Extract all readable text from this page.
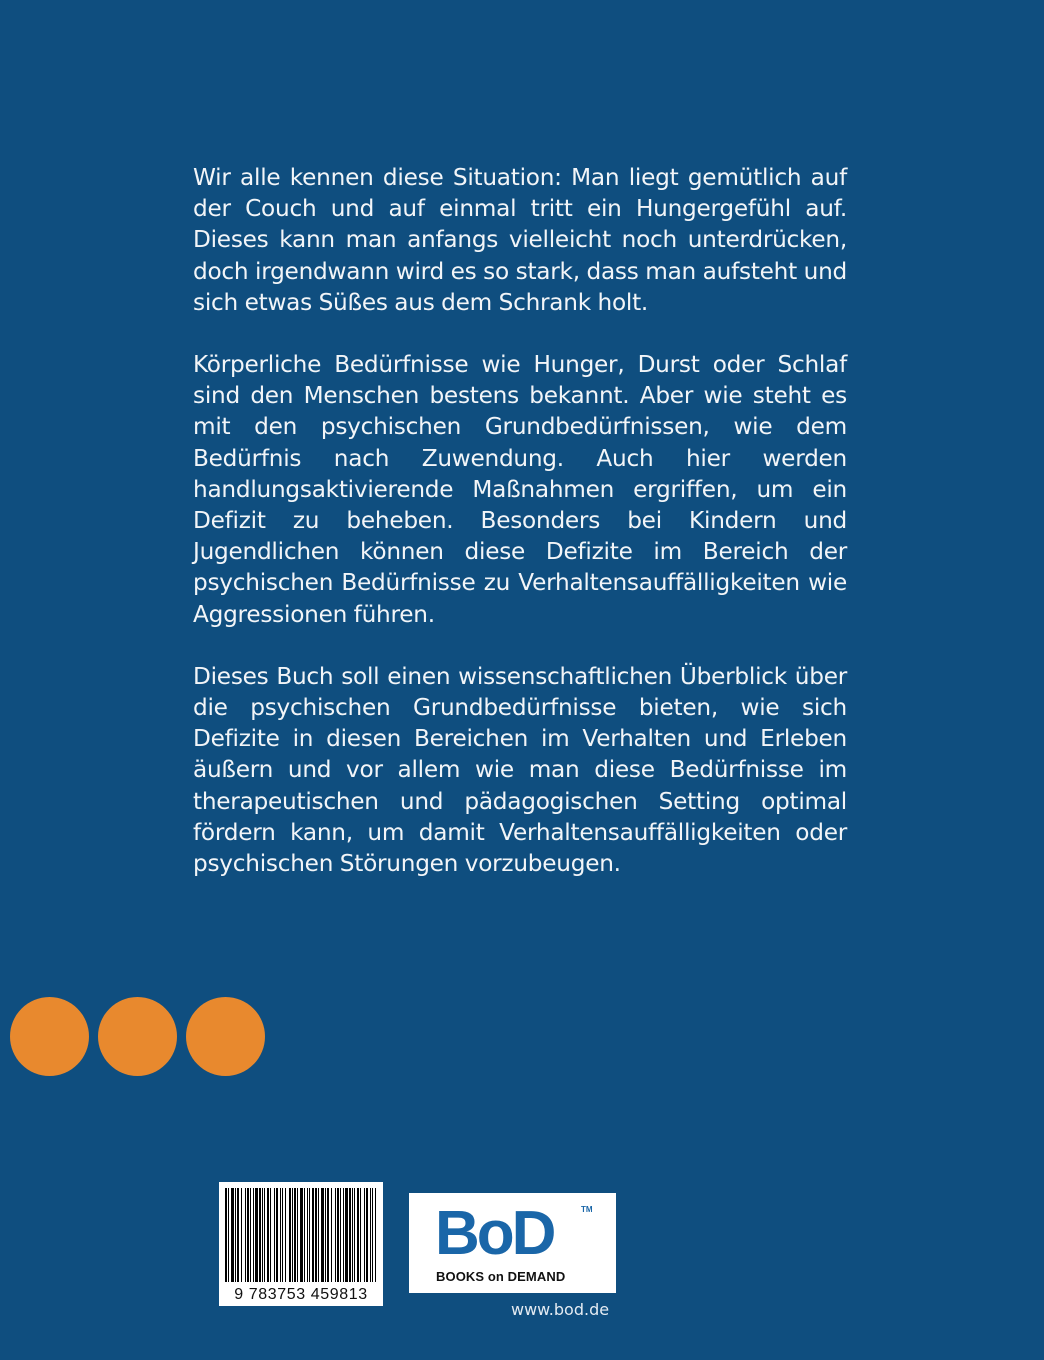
Wir alle kennen diese Situation: Man liegt gemütlich auf der Couch und auf einmal tritt ein Hungergefühl auf. Dieses kann man anfangs vielleicht noch unterdrücken, doch irgendwann wird es so stark, dass man aufsteht und sich etwas Süßes aus dem Schrank holt.

Körperliche Bedürfnisse wie Hunger, Durst oder Schlaf sind den Menschen bestens bekannt. Aber wie steht es mit den psychischen Grundbedürfnissen, wie dem Bedürfnis nach Zuwendung. Auch hier werden handlungsaktivierende Maßnahmen ergriffen, um ein Defizit zu beheben. Besonders bei Kindern und Jugendlichen können diese Defizite im Bereich der psychischen Bedürfnisse zu Verhaltensauffälligkeiten wie Aggressionen führen.

Dieses Buch soll einen wissenschaftlichen Überblick über die psychischen Grundbedürfnisse bieten, wie sich Defizite in diesen Bereichen im Verhalten und Erleben äußern und vor allem wie man diese Bedürfnisse im therapeutischen und pädagogischen Setting optimal fördern kann, um damit Verhaltensauffälligkeiten oder psychischen Störungen vorzubeugen.

9 783753 459813
BoD	TM
BOOKS on DEMAND
www.bod.de
